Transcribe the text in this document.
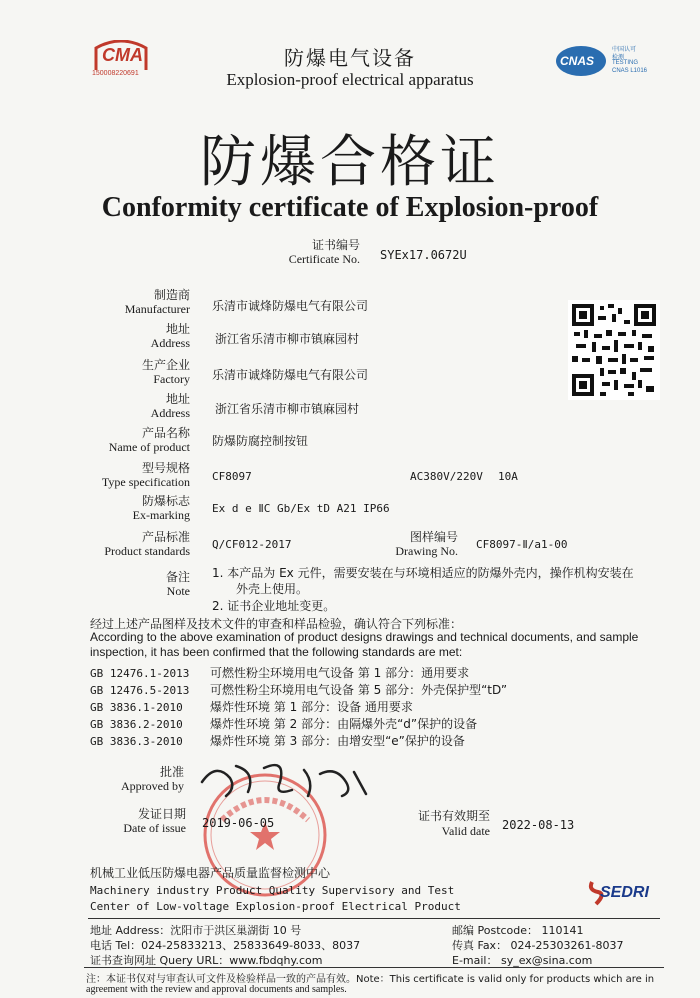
CMA
150008220691
CNAS
中国认可
检测
TESTING
CNAS L1016
防爆电气设备
Explosion-proof electrical apparatus
防爆合格证
Conformity certificate of Explosion-proof
证书编号
Certificate No. SYEx17.0672U
制造商
Manufacturer 乐清市诚烽防爆电气有限公司
地址
Address 浙江省乐清市柳市镇麻园村
生产企业
Factory 乐清市诚烽防爆电气有限公司
地址
Address 浙江省乐清市柳市镇麻园村
产品名称
Name of product 防爆防腐控制按钮
型号规格
Type specification CF8097	AC380V/220V 10A
防爆标志
Ex-marking Ex d e ⅡC Gb/Ex tD A21 IP66
产品标准
Product standards Q/CF012-2017
图样编号
Drawing No. CF8097-Ⅱ/a1-00
备注
Note
1. 本产品为 Ex 元件，需要安装在与环境相适应的防爆外壳内，操作机构安装在
外壳上使用。
2. 证书企业地址变更。
经过上述产品图样及技术文件的审查和样品检验，确认符合下列标准：
According to the above examination of product designs drawings and technical documents, and sample
inspection, it has been confirmed that the following standards are met:
GB 12476.1-2013 可燃性粉尘环境用电气设备 第 1 部分：通用要求
GB 12476.5-2013 可燃性粉尘环境用电气设备 第 5 部分：外壳保护型“tD”
GB 3836.1-2010 爆炸性环境 第 1 部分：设备 通用要求
GB 3836.2-2010 爆炸性环境 第 2 部分：由隔爆外壳“d”保护的设备
GB 3836.3-2010 爆炸性环境 第 3 部分：由增安型“e”保护的设备
批准
Approved by
发证日期
Date of issue 2019-06-05	证书有效期至
Valid date 2022-08-13
机械工业低压防爆电器产品质量监督检测中心
Machinery industry Product Quality Supervisory and Test
Center of Low-voltage Explosion-proof Electrical Product
SEDRI
地址 Address：沈阳市于洪区巢湖街 10 号	邮编 Postcode： 110141
电话 Tel：024-25833213、25833649-8033、8037	传真 Fax： 024-25303261-8037
证书查询网址 Query URL：www.fbdqhy.com	E-mail： sy_ex@sina.com
注：本证书仅对与审查认可文件及检验样品一致的产品有效。Note：This certificate is valid only for products which are in
agreement with the review and approval documents and samples.
